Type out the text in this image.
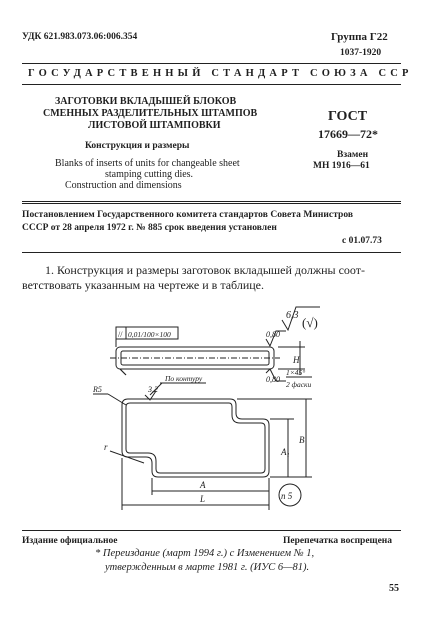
УДК 621.983.073.06:006.354	Группа Г22
1037-1920
ГОСУДАРСТВЕННЫЙ СТАНДАРТ СОЮЗА ССР
ЗАГОТОВКИ ВКЛАДЫШЕЙ БЛОКОВ
СМЕННЫХ РАЗДЕЛИТЕЛЬНЫХ ШТАМПОВ
ЛИСТОВОЙ ШТАМПОВКИ
Конструкция и размеры
Blanks of inserts of units for changeable sheet
stamping cutting dies.
Construction and dimensions
ГОСТ
17669—72*
Взамен
МН 1916—61
Постановлением Государственного комитета стандартов Совета Министров
СССР от 28 апреля 1972 г. № 885 срок введения установлен
с 01.07.73
1. Конструкция и размеры заготовок вкладышей должны соот-
ветствовать указанным на чертеже и в таблице.
6,3 (√)
// 0,01/100×100	0,80
0,80
H
1×45°
2 фаски
По контуру
3,2
R5
A₁
B
A
L
r
n 5
Издание официальное	Перепечатка воспрещена
* Переиздание (март 1994 г.) с Изменением № 1,
утвержденным в марте 1981 г. (ИУС 6—81).
55
